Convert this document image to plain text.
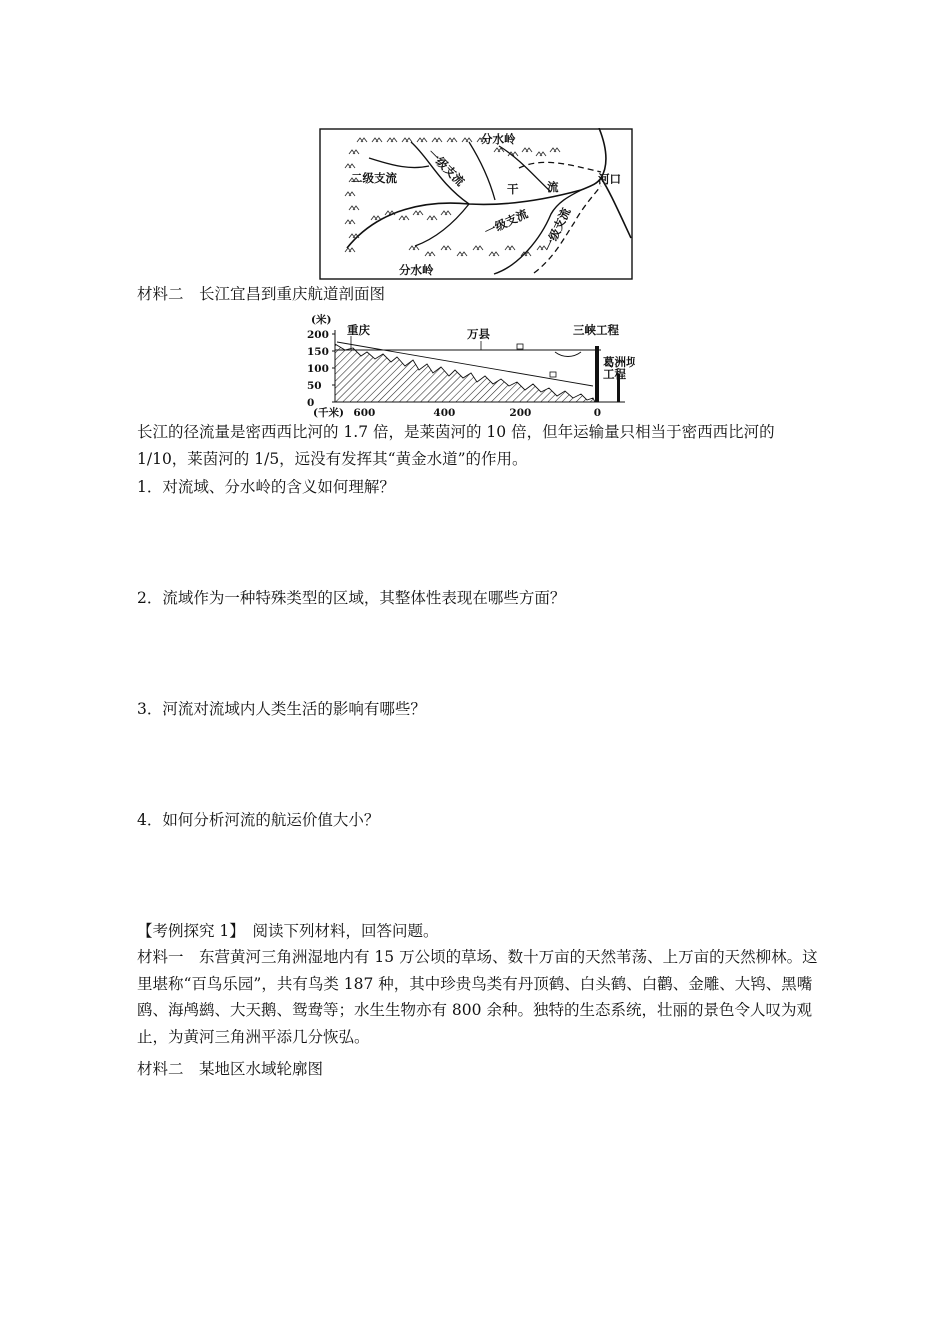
分水岭
二级支流 一级支流
干 流
河口
一级支流 一级支流
分水岭
材料二　长江宜昌到重庆航道剖面图
(米)
(千米)
200
150
100
50
0
600	400	200	0
重庆	万县	三峡工程
葛洲坝
工程
长江的径流量是密西西比河的 1.7 倍，是莱茵河的 10 倍，但年运输量只相当于密西西比河的 1/10，莱茵河的 1/5，远没有发挥其“黄金水道”的作用。
1．对流域、分水岭的含义如何理解？
2．流域作为一种特殊类型的区域，其整体性表现在哪些方面？
3．河流对流域内人类生活的影响有哪些？
4．如何分析河流的航运价值大小？
【考例探究 1】　阅读下列材料，回答问题。
材料一　东营黄河三角洲湿地内有 15 万公顷的草场、数十万亩的天然苇荡、上万亩的天然柳林。这里堪称“百鸟乐园”，共有鸟类 187 种，其中珍贵鸟类有丹顶鹤、白头鹤、白鹳、金雕、大鸨、黑嘴鸥、海鸬鹚、大天鹅、鸳鸯等；水生生物亦有 800 余种。独特的生态系统，壮丽的景色令人叹为观止，为黄河三角洲平添几分恢弘。
材料二　某地区水域轮廓图
